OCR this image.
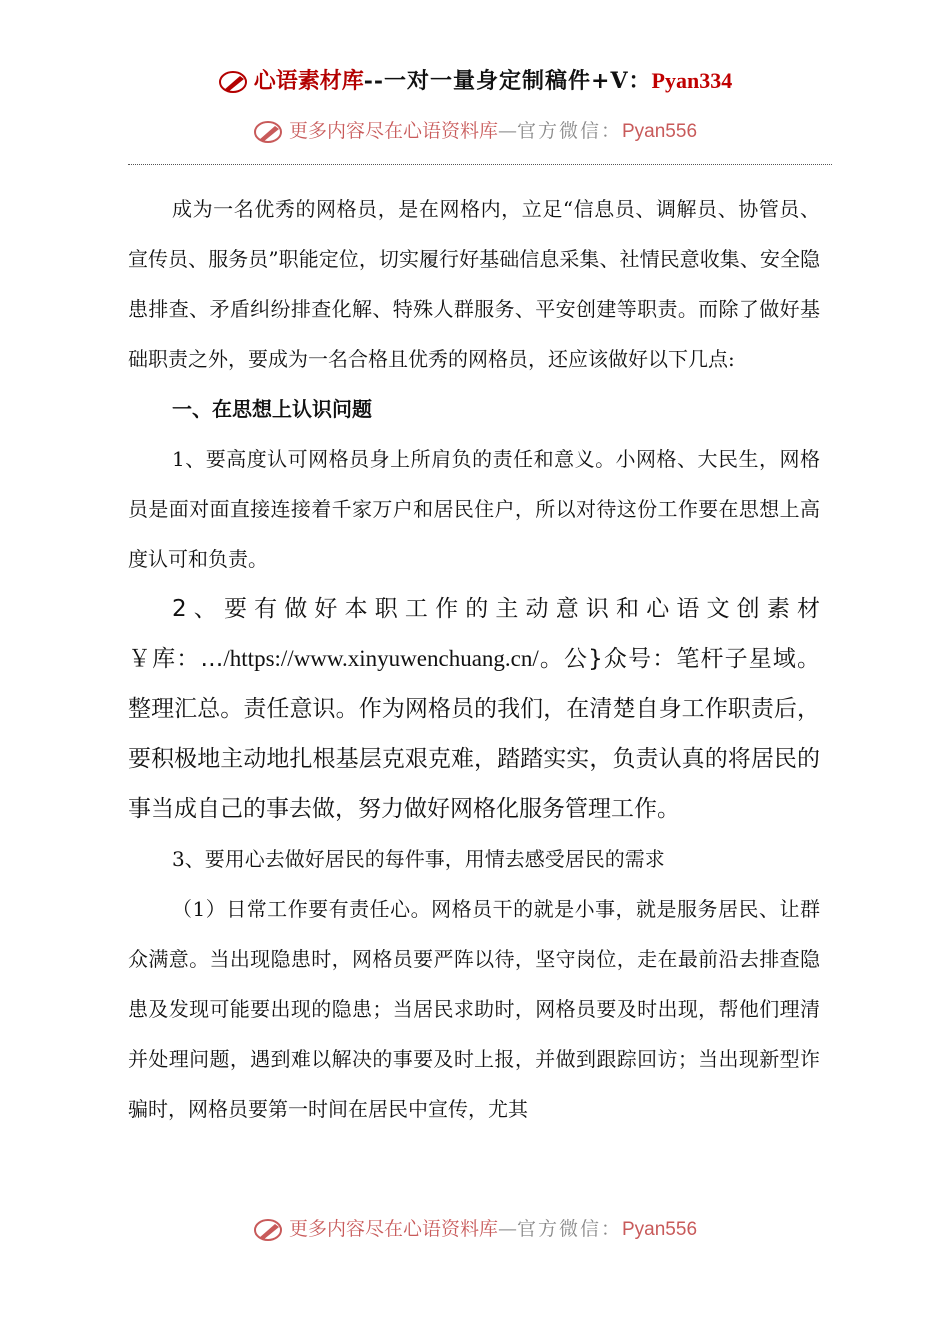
心语素材库--一对一量身定制稿件+V：Pyan334
更多内容尽在心语资料库—官方微信：Pyan556

成为一名优秀的网格员，是在网格内，立足“信息员、调解员、协管员、宣传员、服务员”职能定位，切实履行好基础信息采集、社情民意收集、安全隐患排查、矛盾纠纷排查化解、特殊人群服务、平安创建等职责。而除了做好基础职责之外，要成为一名合格且优秀的网格员，还应该做好以下几点:

一、在思想上认识问题

1、要高度认可网格员身上所肩负的责任和意义。小网格、大民生，网格员是面对面直接连接着千家万户和居民住户，所以对待这份工作要在思想上高度认可和负责。

2、要有做好本职工作的主动意识和心语文创素材￥库：…/https://www.xinyuwenchuang.cn/。公}众号：笔杆子星域。整理汇总。责任意识。作为网格员的我们，在清楚自身工作职责后，要积极地主动地扎根基层克艰克难，踏踏实实，负责认真的将居民的事当成自己的事去做，努力做好网格化服务管理工作。

3、要用心去做好居民的每件事，用情去感受居民的需求

（1）日常工作要有责任心。网格员干的就是小事，就是服务居民、让群众满意。当出现隐患时，网格员要严阵以待，坚守岗位，走在最前沿去排查隐患及发现可能要出现的隐患；当居民求助时，网格员要及时出现，帮他们理清并处理问题，遇到难以解决的事要及时上报，并做到跟踪回访；当出现新型诈骗时，网格员要第一时间在居民中宣传，尤其

更多内容尽在心语资料库—官方微信：Pyan556
